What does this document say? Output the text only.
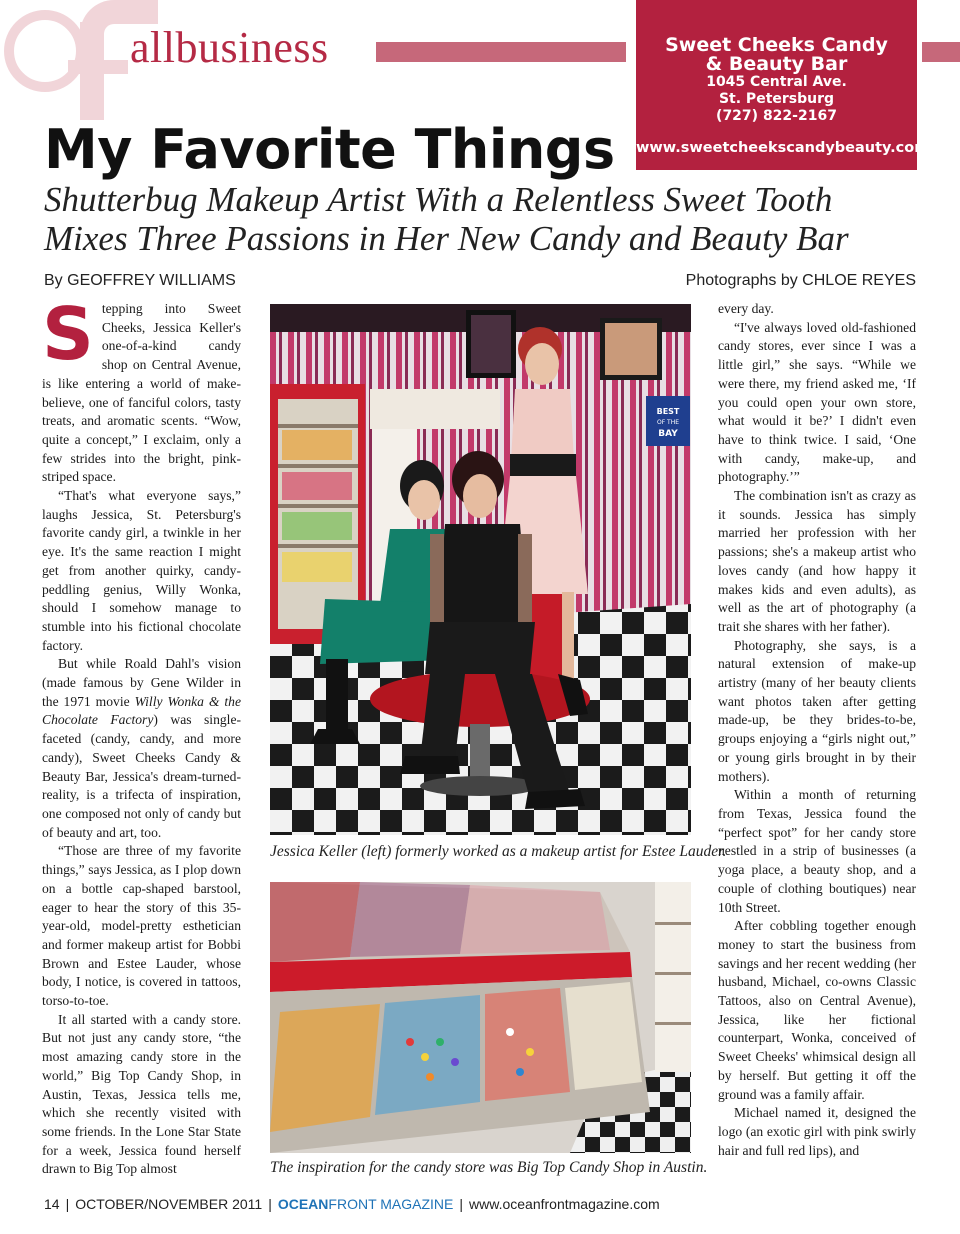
allbusiness	Sweet Cheeks Candy
& Beauty Bar
1045 Central Ave.
St. Petersburg
(727) 822-2167
www.sweetcheekscandybeauty.com
My Favorite Things
Shutterbug Makeup Artist With a Relentless Sweet Tooth
Mixes Three Passions in Her New Candy and Beauty Bar
By GEOFFREY WILLIAMS	Photographs by CHLOE REYES

Stepping into Sweet Cheeks, Jessica Keller's one-of-a-kind candy shop on Central Avenue, is like entering a world of make-believe, one of fanciful colors, tasty treats, and aromatic scents. “Wow, quite a concept,” I exclaim, only a few strides into the bright, pink-striped space.

“That's what everyone says,” laughs Jessica, St. Petersburg's favorite candy girl, a twinkle in her eye. It's the same reaction I might get from another quirky, candy-peddling genius, Willy Wonka, should I somehow manage to stumble into his fictional chocolate factory.

But while Roald Dahl's vision (made famous by Gene Wilder in the 1971 movie Willy Wonka & the Chocolate Factory) was single-faceted (candy, candy, and more candy), Sweet Cheeks Candy & Beauty Bar, Jessica's dream-turned-reality, is a trifecta of inspiration, one composed not only of candy but of beauty and art, too.

“Those are three of my favorite things,” says Jessica, as I plop down on a bottle cap-shaped barstool, eager to hear the story of this 35-year-old, model-pretty esthetician and former makeup artist for Bobbi Brown and Estee Lauder, whose body, I notice, is covered in tattoos, torso-to-toe.

It all started with a candy store. But not just any candy store, “the most amazing candy store in the world,” Big Top Candy Shop, in Austin, Texas, Jessica tells me, which she recently visited with some friends. In the Lone Star State for a week, Jessica found herself drawn to Big Top almost

BEST
OF THE
BAY
Jessica Keller (left) formerly worked as a makeup artist for Estee Lauder.
The inspiration for the candy store was Big Top Candy Shop in Austin.

every day.

“I've always loved old-fashioned candy stores, ever since I was a little girl,” she says. “While we were there, my friend asked me, ‘If you could open your own store, what would it be?’ I didn't even have to think twice. I said, ‘One with candy, make-up, and photography.’”

The combination isn't as crazy as it sounds. Jessica has simply married her profession with her passions; she's a makeup artist who loves candy (and how happy it makes kids and even adults), as well as the art of photography (a trait she shares with her father).

Photography, she says, is a natural extension of make-up artistry (many of her beauty clients want photos taken after getting made-up, be they brides-to-be, groups enjoying a “girls night out,” or young girls brought in by their mothers).

Within a month of returning from Texas, Jessica found the “perfect spot” for her candy store nestled in a strip of businesses (a yoga place, a beauty shop, and a couple of clothing boutiques) near 10th Street.

After cobbling together enough money to start the business from savings and her recent wedding (her husband, Michael, co-owns Classic Tattoos, also on Central Avenue), Jessica, like her fictional counterpart, Wonka, conceived of Sweet Cheeks' whimsical design all by herself. But getting it off the ground was a family affair.

Michael named it, designed the logo (an exotic girl with pink swirly hair and full red lips), and

14 | OCTOBER/NOVEMBER 2011 | OCEANFRONT MAGAZINE | www.oceanfrontmagazine.com
